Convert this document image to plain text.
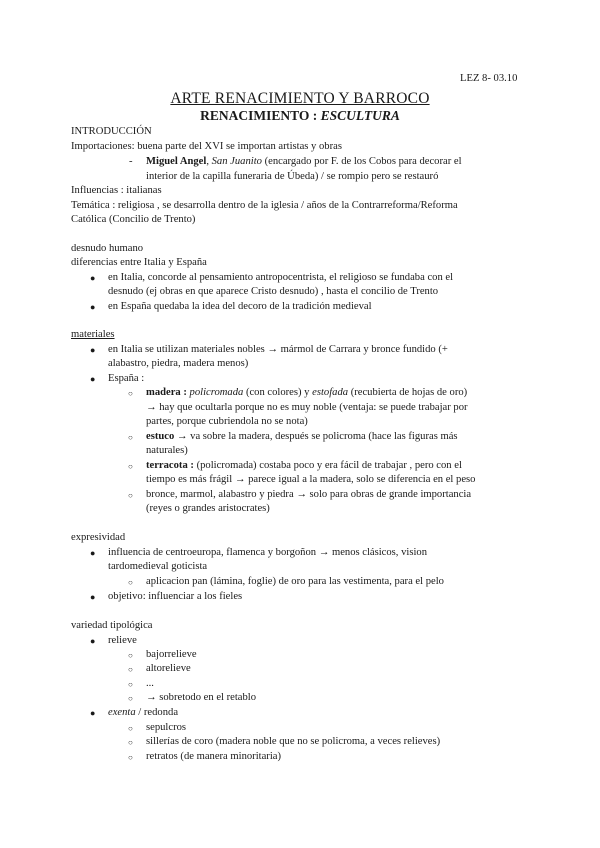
LEZ 8- 03.10
ARTE RENACIMIENTO Y BARROCO
RENACIMIENTO : ESCULTURA
INTRODUCCIÓN
Importaciones: buena parte del XVI se importan artistas y obras
- Miguel Angel, San Juanito (encargado por F. de los Cobos para decorar el
interior de la capilla funeraria de Úbeda) / se rompio pero se restauró
Influencias : italianas
Temática : religiosa , se desarrolla dentro de la iglesia / años de la Contrarreforma/Reforma
Católica (Concilio de Trento)
desnudo humano
diferencias entre Italia y España
● en Italia, concorde al pensamiento antropocentrista, el religioso se fundaba con el
desnudo (ej obras en que aparece Cristo desnudo) , hasta el concilio de Trento
● en España quedaba la idea del decoro de la tradición medieval
materiales
● en Italia se utilizan materiales nobles → mármol de Carrara y bronce fundido (+
alabastro, piedra, madera menos)
● España :
○ madera : policromada (con colores) y estofada (recubierta de hojas de oro)
→ hay que ocultarla porque no es muy noble (ventaja: se puede trabajar por
partes, porque cubriendola no se nota)
○ estuco → va sobre la madera, después se policroma (hace las figuras más
naturales)
○ terracota : (policromada) costaba poco y era fácil de trabajar , pero con el
tiempo es más frágil → parece igual a la madera, solo se diferencia en el peso
○ bronce, marmol, alabastro y piedra → solo para obras de grande importancia
(reyes o grandes aristocrates)
expresividad
● influencia de centroeuropa, flamenca y borgoñon → menos clásicos, vision
tardomedieval goticista
○ aplicacion pan (lámina, foglie) de oro para las vestimenta, para el pelo
● objetivo: influenciar a los fieles
variedad tipológica
● relieve
○ bajorrelieve
○ altorelieve
○ ...
○ → sobretodo en el retablo
● exenta / redonda
○ sepulcros
○ sillerías de coro (madera noble que no se policroma, a veces relieves)
○ retratos (de manera minoritaria)
